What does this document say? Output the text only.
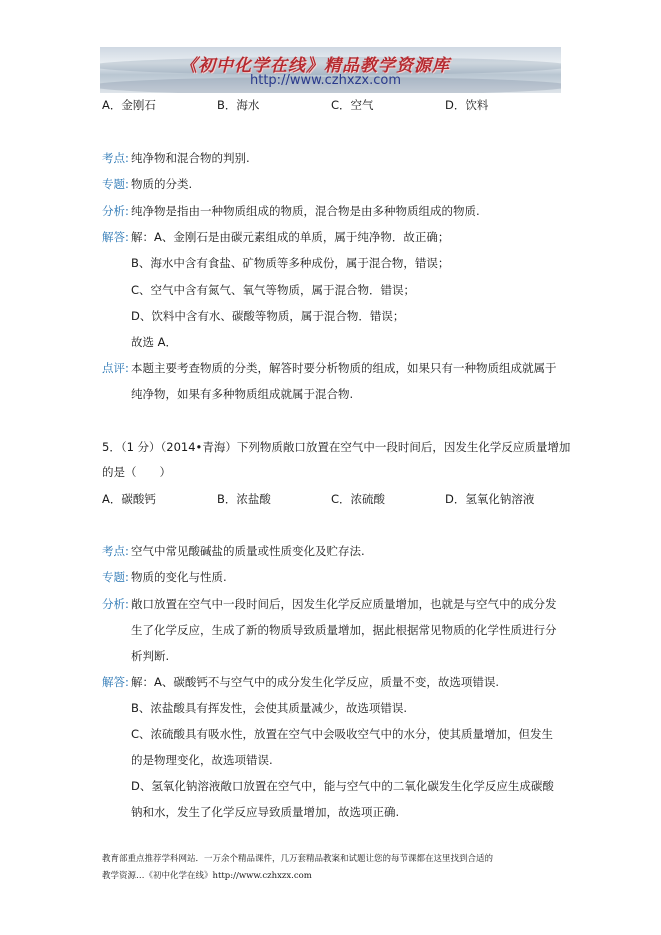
《初中化学在线》精品教学资源库
http://www.czhxzx.com
A．金刚石	B．海水	C．空气	D．饮料
考点: 纯净物和混合物的判别.
专题: 物质的分类.
分析: 纯净物是指由一种物质组成的物质，混合物是由多种物质组成的物质.
解答: 解：A、金刚石是由碳元素组成的单质，属于纯净物．故正确；
B、海水中含有食盐、矿物质等多种成份，属于混合物，错误；
C、空气中含有氮气、氧气等物质，属于混合物．错误；
D、饮料中含有水、碳酸等物质，属于混合物．错误；
故选 A．
点评: 本题主要考查物质的分类，解答时要分析物质的组成，如果只有一种物质组成就属于
纯净物，如果有多种物质组成就属于混合物.
5．（1 分）（2014•青海）下列物质敞口放置在空气中一段时间后，因发生化学反应质量增加
的是（　　）
A．碳酸钙	B．浓盐酸	C．浓硫酸	D．氢氧化钠溶液
考点: 空气中常见酸碱盐的质量或性质变化及贮存法.
专题: 物质的变化与性质.
分析: 敞口放置在空气中一段时间后，因发生化学反应质量增加，也就是与空气中的成分发
生了化学反应，生成了新的物质导致质量增加，据此根据常见物质的化学性质进行分
析判断.
解答: 解：A、碳酸钙不与空气中的成分发生化学反应，质量不变，故选项错误.
B、浓盐酸具有挥发性，会使其质量减少，故选项错误.
C、浓硫酸具有吸水性，放置在空气中会吸收空气中的水分，使其质量增加，但发生
的是物理变化，故选项错误.
D、氢氧化钠溶液敞口放置在空气中，能与空气中的二氧化碳发生化学反应生成碳酸
钠和水，发生了化学反应导致质量增加，故选项正确.
教育部重点推荐学科网站．一万余个精品课件，几万套精品教案和试题让您的每节课都在这里找到合适的
教学资源…《初中化学在线》http://www.czhxzx.com
